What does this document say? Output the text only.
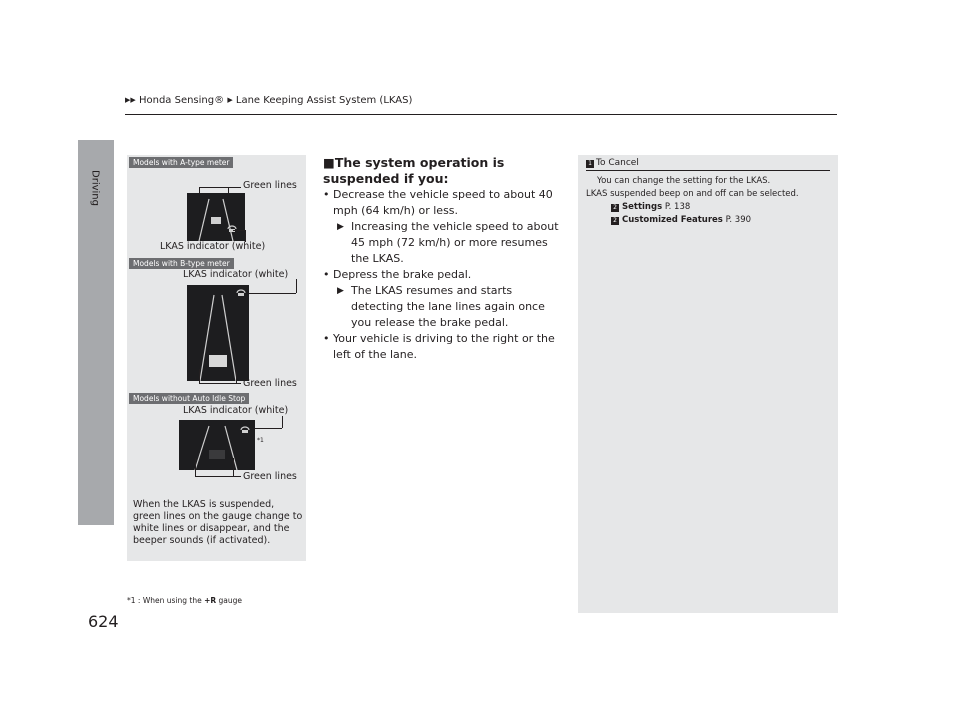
▶▶ Honda Sensing® ▶ Lane Keeping Assist System (LKAS)
Driving
Models with A-type meter
Green lines
LKAS indicator (white)
Models with B-type meter
LKAS indicator (white)
Green lines
Models without Auto Idle Stop
LKAS indicator (white)
*1
Green lines
When the LKAS is suspended, green lines on the gauge change to white lines or disappear, and the beeper sounds (if activated).
*1 : When using the +R gauge
■The system operation is suspended if you:
• Decrease the vehicle speed to about 40 mph (64 km/h) or less.
▶ Increasing the vehicle speed to about 45 mph (72 km/h) or more resumes the LKAS.
• Depress the brake pedal.
▶ The LKAS resumes and starts detecting the lane lines again once you release the brake pedal.
• Your vehicle is driving to the right or the left of the lane.
1 To Cancel
You can change the setting for the LKAS.
LKAS suspended beep on and off can be selected.
2 Settings P. 138
2 Customized Features P. 390
624
